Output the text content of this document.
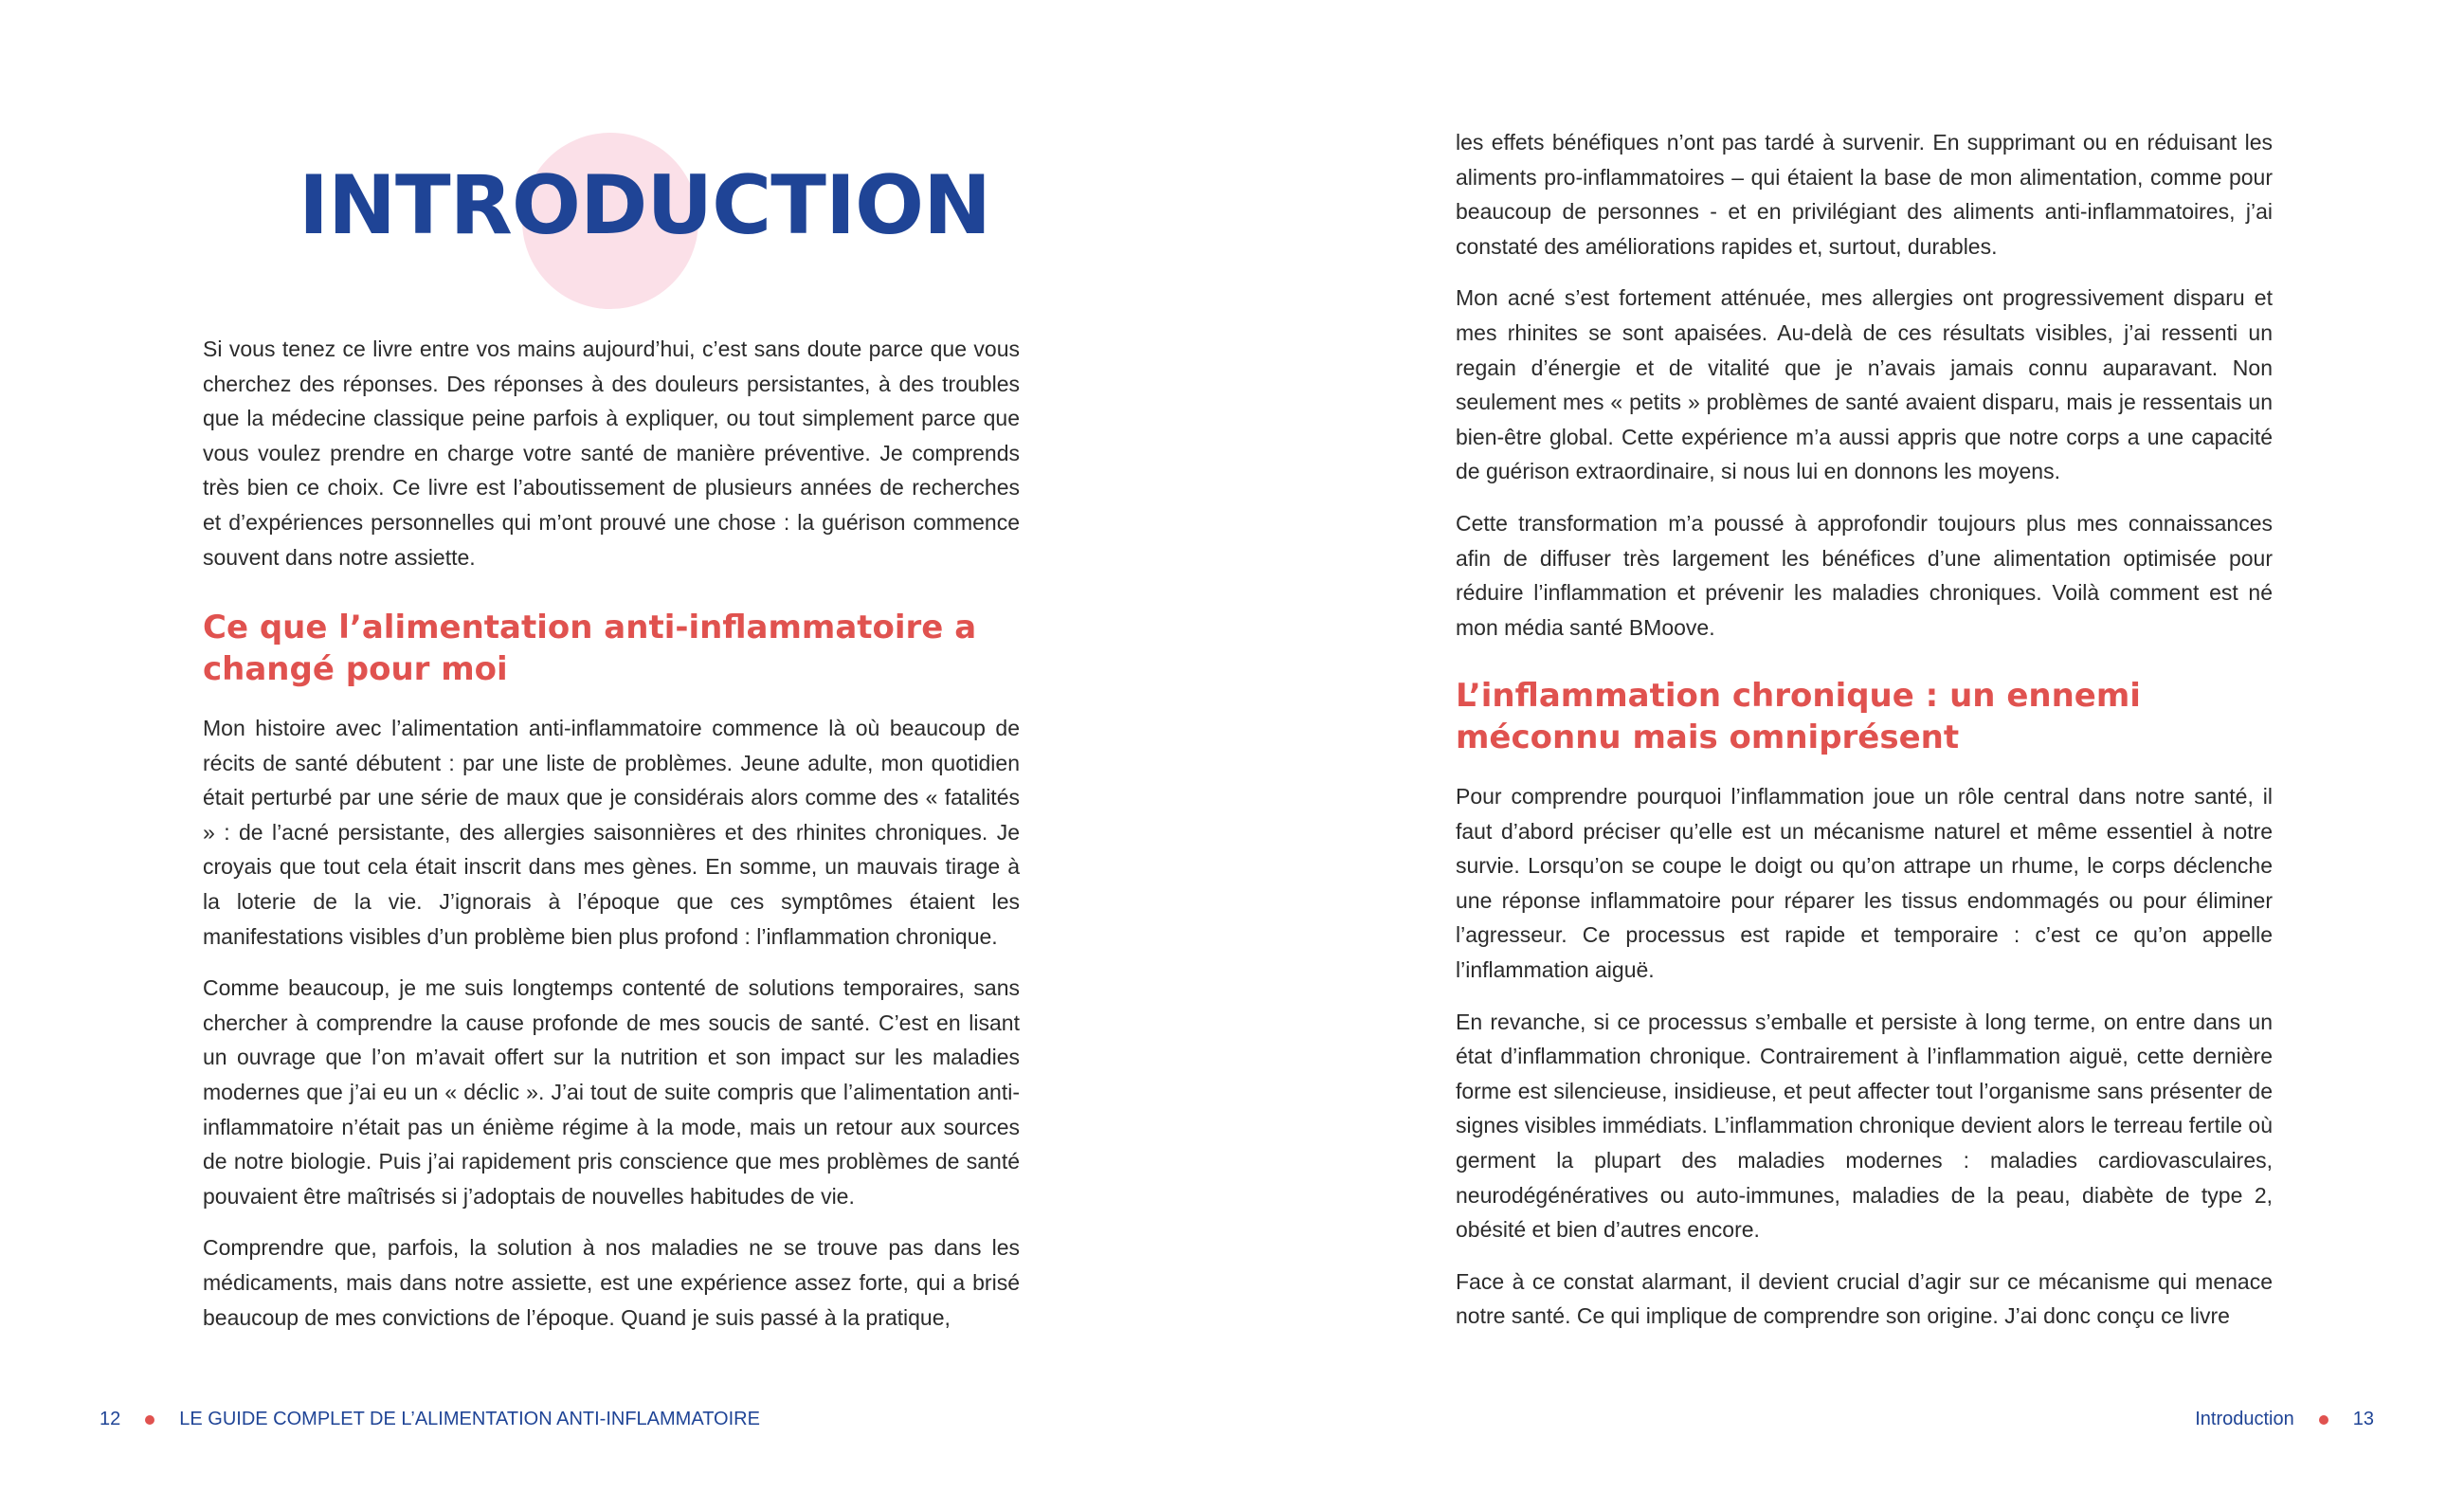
INTRODUCTION

Si vous tenez ce livre entre vos mains aujourd’hui, c’est sans doute parce que vous cherchez des réponses. Des réponses à des douleurs persistantes, à des troubles que la médecine classique peine parfois à expliquer, ou tout simplement parce que vous voulez prendre en charge votre santé de manière préventive. Je comprends très bien ce choix. Ce livre est l’aboutissement de plusieurs années de recherches et d’expériences personnelles qui m’ont prouvé une chose : la guérison commence souvent dans notre assiette.

Ce que l’alimentation anti-inflammatoire a changé pour moi

Mon histoire avec l’alimentation anti-inflammatoire commence là où beaucoup de récits de santé débutent : par une liste de problèmes. Jeune adulte, mon quotidien était perturbé par une série de maux que je considérais alors comme des « fatalités » : de l’acné persistante, des allergies saisonnières et des rhinites chroniques. Je croyais que tout cela était inscrit dans mes gènes. En somme, un mauvais tirage à la loterie de la vie. J’ignorais à l’époque que ces symptômes étaient les manifestations visibles d’un problème bien plus profond : l’inflammation chronique.

Comme beaucoup, je me suis longtemps contenté de solutions temporaires, sans chercher à comprendre la cause profonde de mes soucis de santé. C’est en lisant un ouvrage que l’on m’avait offert sur la nutrition et son impact sur les maladies modernes que j’ai eu un « déclic ». J’ai tout de suite compris que l’alimentation anti-inflammatoire n’était pas un énième régime à la mode, mais un retour aux sources de notre biologie. Puis j’ai rapidement pris conscience que mes problèmes de santé pouvaient être maîtrisés si j’adoptais de nouvelles habitudes de vie.

Comprendre que, parfois, la solution à nos maladies ne se trouve pas dans les médicaments, mais dans notre assiette, est une expérience assez forte, qui a brisé beaucoup de mes convictions de l’époque. Quand je suis passé à la pratique,

12	LE GUIDE COMPLET DE L’ALIMENTATION ANTI-INFLAMMATOIRE

les effets bénéfiques n’ont pas tardé à survenir. En supprimant ou en réduisant les aliments pro-inflammatoires – qui étaient la base de mon alimentation, comme pour beaucoup de personnes - et en privilégiant des aliments anti-inflammatoires, j’ai constaté des améliorations rapides et, surtout, durables.

Mon acné s’est fortement atténuée, mes allergies ont progressivement disparu et mes rhinites se sont apaisées. Au-delà de ces résultats visibles, j’ai ressenti un regain d’énergie et de vitalité que je n’avais jamais connu auparavant. Non seulement mes « petits » problèmes de santé avaient disparu, mais je ressentais un bien-être global. Cette expérience m’a aussi appris que notre corps a une capacité de guérison extraordinaire, si nous lui en donnons les moyens.

Cette transformation m’a poussé à approfondir toujours plus mes connaissances afin de diffuser très largement les bénéfices d’une alimentation optimisée pour réduire l’inflammation et prévenir les maladies chroniques. Voilà comment est né mon média santé BMoove.

L’inflammation chronique : un ennemi méconnu mais omniprésent

Pour comprendre pourquoi l’inflammation joue un rôle central dans notre santé, il faut d’abord préciser qu’elle est un mécanisme naturel et même essentiel à notre survie. Lorsqu’on se coupe le doigt ou qu’on attrape un rhume, le corps déclenche une réponse inflammatoire pour réparer les tissus endommagés ou pour éliminer l’agresseur. Ce processus est rapide et temporaire : c’est ce qu’on appelle l’inflammation aiguë.

En revanche, si ce processus s’emballe et persiste à long terme, on entre dans un état d’inflammation chronique. Contrairement à l’inflammation aiguë, cette dernière forme est silencieuse, insidieuse, et peut affecter tout l’organisme sans présenter de signes visibles immédiats. L’inflammation chronique devient alors le terreau fertile où germent la plupart des maladies modernes : maladies cardiovasculaires, neurodégénératives ou auto-immunes, maladies de la peau, diabète de type 2, obésité et bien d’autres encore.

Face à ce constat alarmant, il devient crucial d’agir sur ce mécanisme qui menace notre santé. Ce qui implique de comprendre son origine. J’ai donc conçu ce livre

Introduction	13
